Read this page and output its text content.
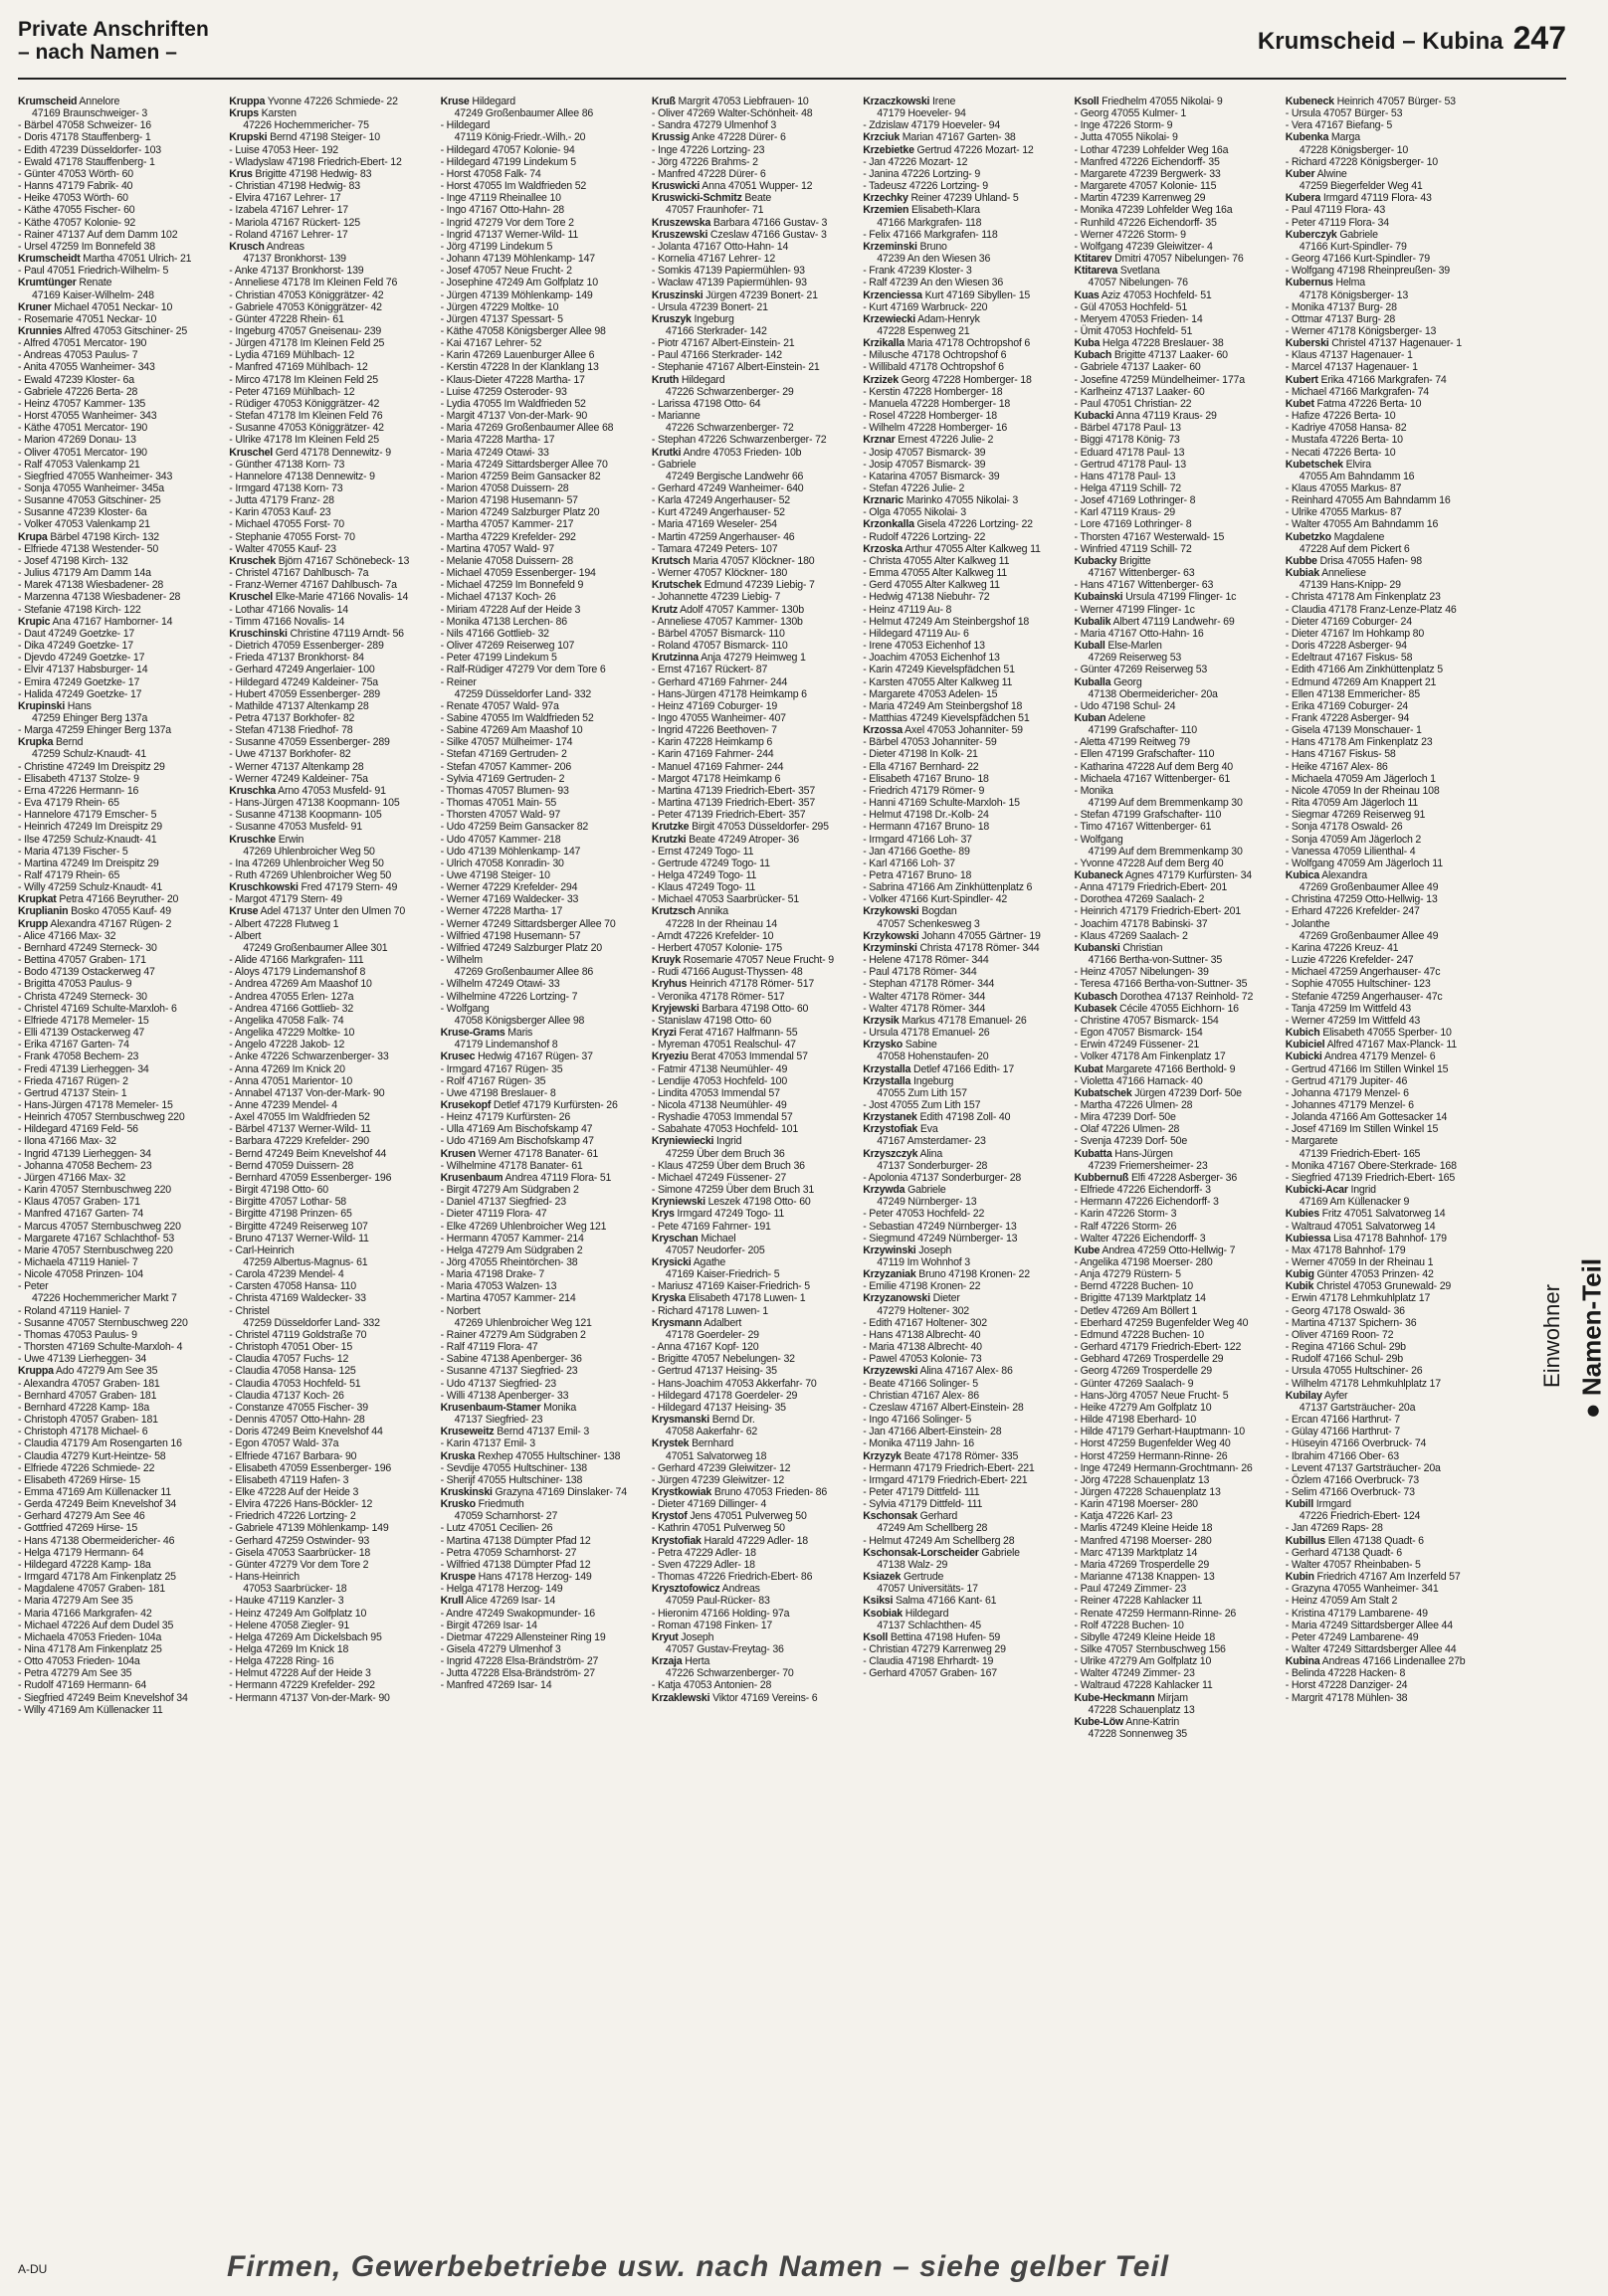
Private Anschriften
– nach Namen –	Krumscheid – Kubina 247
Krumscheid Annelore
47169 Braunschweiger- 3
- Bärbel 47058 Schweizer- 16
- Doris 47178 Stauffenberg- 1
- Edith 47239 Düsseldorfer- 103
- Ewald 47178 Stauffenberg- 1
- Günter 47053 Wörth- 60
- Hanns 47179 Fabrik- 40
- Heike 47053 Wörth- 60
- Käthe 47055 Fischer- 60
- Käthe 47057 Koloniе- 92
- Rainer 47137 Auf dem Damm 102
- Ursel 47259 Im Bonnefeld 38
Krumscheidt Martha 47051 Ulrich- 21
- Paul 47051 Friedrich-Wilhelm- 5
Krumtünger Renate
47169 Kaiser-Wilhelm- 248
Kruner Michael 47051 Neckar- 10
- Rosemarie 47051 Neckar- 10
Krunnies Alfred 47053 Gitschiner- 25
- Alfred 47051 Mercator- 190
- Andreas 47053 Paulus- 7
- Anita 47055 Wanheimer- 343
- Ewald 47239 Kloster- 6a
- Gabriele 47226 Berta- 28
- Heinz 47057 Kammer- 135
- Horst 47055 Wanheimer- 343
- Käthe 47051 Mercator- 190
- Marion 47269 Donau- 13
- Oliver 47051 Mercator- 190
- Ralf 47053 Valenkamp 21
- Siegfried 47055 Wanheimer- 343
- Sonja 47055 Wanheimer- 345a
- Susanne 47053 Gitschiner- 25
- Susanne 47239 Kloster- 6a
- Volker 47053 Valenkamp 21
Krupa Bärbel 47198 Kirch- 132
- Elfriede 47138 Westender- 50
- Josef 47198 Kirch- 132
- Julius 47179 Am Damm 14a
- Marek 47138 Wiesbadener- 28
- Marzenna 47138 Wiesbadener- 28
- Stefanie 47198 Kirch- 122
Krupic Ana 47167 Hamborner- 14
- Daut 47249 Goetzke- 17
- Dika 47249 Goetzke- 17
- Djevdo 47249 Goetzke- 17
- Elvir 47137 Habsburger- 14
- Emira 47249 Goetzke- 17
- Halida 47249 Goetzke- 17
Krupinski Hans
47259 Ehinger Berg 137a
- Marga 47259 Ehinger Berg 137a
Krupka Bernd
47259 Schulz-Knaudt- 41
- Christine 47249 Im Dreispitz 29
- Elisabeth 47137 Stolze- 9
- Erna 47226 Hermann- 16
- Eva 47179 Rhein- 65
- Hannelore 47179 Emscher- 5
- Heinrich 47249 Im Dreispitz 29
- Ilse 47259 Schulz-Knaudt- 41
- Maria 47139 Fischer- 5
- Martina 47249 Im Dreispitz 29
- Ralf 47179 Rhein- 65
- Willy 47259 Schulz-Knaudt- 41
Krupkat Petra 47166 Beyruther- 20
Kruplianin Bosko 47055 Kauf- 49
Krupp Alexandra 47167 Rügen- 2
- Alice 47166 Max- 32
- Bernhard 47249 Sterneck- 30
- Bettina 47057 Graben- 171
- Bodo 47139 Ostackerweg 47
- Brigitta 47053 Paulus- 9
- Christa 47249 Sterneck- 30
- Christel 47169 Schulte-Marxloh- 6
- Elfriede 47178 Memeler- 15
- Elli 47139 Ostackerweg 47
- Erika 47167 Garten- 74
- Frank 47058 Bechem- 23
- Fredi 47139 Lierheggen- 34
- Frieda 47167 Rügen- 2
- Gertrud 47137 Stein- 1
- Hans-Jürgen 47178 Memeler- 15
- Heinrich 47057 Sternbuschweg 220
- Hildegard 47169 Feld- 56
- Ilona 47166 Max- 32
- Ingrid 47139 Lierheggen- 34
- Johanna 47058 Bechem- 23
- Jürgen 47166 Max- 32
- Karin 47057 Sternbuschweg 220
- Klaus 47057 Graben- 171
- Manfred 47167 Garten- 74
- Marcus 47057 Sternbuschweg 220
- Margarete 47167 Schlachthof- 53
- Marie 47057 Sternbuschweg 220
- Michaela 47119 Haniel- 7
- Nicole 47058 Prinzen- 104
- Peter
47226 Hochemmericher Markt 7
- Roland 47119 Haniel- 7
- Susanne 47057 Sternbuschweg 220
- Thomas 47053 Paulus- 9
- Thorsten 47169 Schulte-Marxloh- 4
- Uwe 47139 Lierheggen- 34
Kruppa Ado 47279 Am See 35
- Alexandra 47057 Graben- 181
- Bernhard 47057 Graben- 181
- Bernhard 47228 Kamp- 18a
- Christoph 47057 Graben- 181
- Christoph 47178 Michael- 6
- Claudia 47179 Am Rosengarten 16
- Claudia 47279 Kurt-Heintze- 58
- Elfriede 47226 Schmiede- 22
- Elisabeth 47269 Hirse- 15
- Emma 47169 Am Küllenacker 11
- Gerda 47249 Beim Knevelshof 34
- Gerhard 47279 Am See 46
- Gottfried 47269 Hirse- 15
- Hans 47138 Obermeidericher- 46
- Helga 47179 Hermann- 64
- Hildegard 47228 Kamp- 18a
- Irmgard 47178 Am Finkenplatz 25
- Magdalene 47057 Graben- 181
- Maria 47279 Am See 35
- Maria 47166 Markgrafen- 42
- Michael 47226 Auf dem Dudel 35
- Michaela 47053 Frieden- 104a
- Nina 47178 Am Finkenplatz 25
- Otto 47053 Frieden- 104a
- Petra 47279 Am See 35
- Rudolf 47169 Hermann- 64
- Siegfried 47249 Beim Knevelshof 34
- Willy 47169 Am Küllenacker 11
Kruppa Yvonne 47226 Schmiede- 22
Krups Karsten
47226 Hochemmericher- 75
Krupski Bernd 47198 Steiger- 10
- Luise 47053 Heer- 192
- Wladyslaw 47198 Friedrich-Ebert- 12
Krus Brigitte 47198 Hedwig- 83
- Christian 47198 Hedwig- 83
- Elvira 47167 Lehrer- 17
- Izabela 47167 Lehrer- 17
- Mariola 47167 Rückert- 125
- Roland 47167 Lehrer- 17
Krusch Andreas
47137 Bronkhorst- 139
- Anke 47137 Bronkhorst- 139
- Anneliese 47178 Im Kleinen Feld 76
- Christian 47053 Königgrätzer- 42
- Gabriele 47053 Königgrätzer- 42
- Günter 47228 Rhein- 61
- Ingeburg 47057 Gneisenau- 239
- Jürgen 47178 Im Kleinen Feld 25
- Lydia 47169 Mühlbach- 12
- Manfred 47169 Mühlbach- 12
- Mirco 47178 Im Kleinen Feld 25
- Peter 47169 Mühlbach- 12
- Rüdiger 47053 Königgrätzer- 42
- Stefan 47178 Im Kleinen Feld 76
- Susanne 47053 Königgrätzer- 42
- Ulrike 47178 Im Kleinen Feld 25
Kruschel Gerd 47178 Dennewitz- 9
- Günther 47138 Korn- 73
- Hannelore 47138 Dennewitz- 9
- Irmgard 47138 Korn- 73
- Jutta 47179 Franz- 28
- Karin 47053 Kauf- 23
- Michael 47055 Forst- 70
- Stephanie 47055 Forst- 70
- Walter 47055 Kauf- 23
Kruschek Björn 47167 Schönebeck- 13
- Christel 47167 Dahlbusch- 7a
- Franz-Werner 47167 Dahlbusch- 7a
Kruschel Elke-Marie 47166 Novalis- 14
- Lothar 47166 Novalis- 14
- Timm 47166 Novalis- 14
Kruschinski Christine 47119 Arndt- 56
- Dietrich 47059 Essenberger- 289
- Frieda 47137 Bronkhorst- 84
- Gerhard 47249 Angerlaier- 100
- Hildegard 47249 Kaldeiner- 75a
- Hubert 47059 Essenberger- 289
- Mathilde 47137 Altenkamp 28
- Petra 47137 Borkhofer- 82
- Stefan 47138 Friedhof- 78
- Susanne 47059 Essenberger- 289
- Uwe 47137 Borkhofer- 82
- Werner 47137 Altenkamp 28
- Werner 47249 Kaldeiner- 75a
Kruschka Arno 47053 Musfeld- 91
- Hans-Jürgen 47138 Koopmann- 105
- Susanne 47138 Koopmann- 105
- Susanne 47053 Musfeld- 91
Kruschke Erwin
47269 Uhlenbroicher Weg 50
- Ina 47269 Uhlenbroicher Weg 50
- Ruth 47269 Uhlenbroicher Weg 50
Kruschkowski Fred 47179 Stern- 49
- Margot 47179 Stern- 49
Kruse Adel 47137 Unter den Ulmen 70
- Albert 47228 Flutweg 1
- Albert
47249 Großenbaumer Allee 301
- Alide 47166 Markgrafen- 111
- Aloys 47179 Lindemanshof 8
- Andrea 47269 Am Maashof 10
- Andrea 47055 Erlen- 127a
- Andrea 47166 Gottlieb- 32
- Angelika 47058 Falk- 74
- Angelika 47229 Moltke- 10
- Angelo 47228 Jakob- 12
- Anke 47226 Schwarzenberger- 33
- Anna 47269 Im Knick 20
- Anna 47051 Marientor- 10
- Annabel 47137 Von-der-Mark- 90
- Anne 47239 Mendel- 4
- Axel 47055 Im Waldfrieden 52
- Bärbel 47137 Werner-Wild- 11
- Barbara 47229 Krefelder- 290
- Bernd 47249 Beim Knevelshof 44
- Bernd 47059 Duissern- 28
- Bernhard 47059 Essenberger- 196
- Birgit 47198 Otto- 60
- Birgitte 47057 Lothar- 58
- Birgitte 47198 Prinzen- 65
- Birgitte 47249 Reiserweg 107
- Bruno 47137 Werner-Wild- 11
- Carl-Heinrich
47259 Albertus-Magnus- 61
- Carola 47239 Mendel- 4
- Carsten 47058 Hansa- 110
- Christa 47169 Waldecker- 33
- Christel
47259 Düsseldorfer Land- 332
- Christel 47119 Goldstraße 70
- Christoph 47051 Ober- 15
- Claudia 47057 Fuchs- 12
- Claudia 47058 Hansa- 125
- Claudia 47053 Hochfeld- 51
- Claudia 47137 Koch- 26
- Constanze 47055 Fischer- 39
- Dennis 47057 Otto-Hahn- 28
- Doris 47249 Beim Knevelshof 44
- Egon 47057 Wald- 37a
- Elfriede 47167 Barbara- 90
- Elisabeth 47059 Essenberger- 196
- Elisabeth 47119 Hafen- 3
- Elke 47228 Auf der Heide 3
- Elvira 47226 Hans-Böckler- 12
- Friedrich 47226 Lortzing- 2
- Gabriele 47139 Möhlenkamp- 149
- Gerhard 47259 Ostwinder- 93
- Gisela 47053 Saarbrücker- 18
- Günter 47279 Vor dem Tore 2
- Hans-Heinrich
47053 Saarbrücker- 18
- Hauke 47119 Kanzler- 3
- Heinz 47249 Am Golfplatz 10
- Helene 47058 Ziegler- 91
- Helga 47269 Am Dickelsbach 95
- Helga 47269 Im Knick 18
- Helga 47228 Ring- 16
- Helmut 47228 Auf der Heide 3
- Hermann 47229 Krefelder- 292
- Hermann 47137 Von-der-Mark- 90
Kruse Hildegard
47249 Großenbaumer Allee 86
- Hildegard
47119 König-Friedr.-Wilh.- 20
- Hildegard 47057 Koloniе- 94
- Hildegard 47199 Lindekum 5
- Horst 47058 Falk- 74
- Horst 47055 Im Waldfrieden 52
- Inge 47119 Rheinallee 10
- Ingo 47167 Otto-Hahn- 28
- Ingrid 47279 Vor dem Tore 2
- Ingrid 47137 Werner-Wild- 11
- Jörg 47199 Lindekum 5
- Johann 47139 Möhlenkamp- 147
- Josef 47057 Neue Frucht- 2
- Josephine 47249 Am Golfplatz 10
- Jürgen 47139 Möhlenkamp- 149
- Jürgen 47229 Moltke- 10
- Jürgen 47137 Spessart- 5
- Käthe 47058 Königsberger Allee 98
- Kai 47167 Lehrer- 52
- Karin 47269 Lauenburger Allee 6
- Kerstin 47228 In der Klanklang 13
- Klaus-Dieter 47228 Martha- 17
- Luise 47259 Osteroder- 93
- Lydia 47055 Im Waldfrieden 52
- Margit 47137 Von-der-Mark- 90
- Maria 47269 Großenbaumer Allee 68
- Maria 47228 Martha- 17
- Maria 47249 Otawi- 33
- Maria 47249 Sittardsberger Allee 70
- Marion 47259 Beim Gansacker 82
- Marion 47058 Duissern- 28
- Marion 47198 Husemann- 57
- Marion 47249 Salzburger Platz 20
- Martha 47057 Kammer- 217
- Martha 47229 Krefelder- 292
- Martina 47057 Wald- 97
- Melanie 47058 Duissern- 28
- Michael 47059 Essenberger- 194
- Michael 47259 Im Bonnefeld 9
- Michael 47137 Koch- 26
- Miriam 47228 Auf der Heide 3
- Monika 47138 Lerchen- 86
- Nils 47166 Gottlieb- 32
- Oliver 47269 Reiserweg 107
- Peter 47199 Lindekum 5
- Ralf-Rüdiger 47279 Vor dem Tore 6
- Reiner
47259 Düsseldorfer Land- 332
- Renate 47057 Wald- 97a
- Sabine 47055 Im Waldfrieden 52
- Sabine 47269 Am Maashof 10
- Silke 47057 Mülheimer- 174
- Stefan 47169 Gertruden- 2
- Stefan 47057 Kammer- 206
- Sylvia 47169 Gertruden- 2
- Thomas 47057 Blumen- 93
- Thomas 47051 Main- 55
- Thorsten 47057 Wald- 97
- Udo 47259 Beim Gansacker 82
- Udo 47057 Kammer- 218
- Udo 47139 Möhlenkamp- 147
- Ulrich 47058 Konradin- 30
- Uwe 47198 Steiger- 10
- Werner 47229 Krefelder- 294
- Werner 47169 Waldecker- 33
- Werner 47228 Martha- 17
- Werner 47249 Sittardsberger Allee 70
- Wilfried 47198 Husemann- 57
- Wilfried 47249 Salzburger Platz 20
- Wilhelm
47269 Großenbaumer Allee 86
- Wilhelm 47249 Otawi- 33
- Wilhelmine 47226 Lortzing- 7
- Wolfgang
47058 Königsberger Allee 98
Kruse-Grams Maris
47179 Lindemanshof 8
Krusec Hedwig 47167 Rügen- 37
- Irmgard 47167 Rügen- 35
- Rolf 47167 Rügen- 35
- Uwe 47198 Breslauer- 8
Krusekopf Detlef 47179 Kurfürsten- 26
- Heinz 47179 Kurfürsten- 26
- Ulla 47169 Am Bischofskamp 47
- Udo 47169 Am Bischofskamp 47
Krusen Werner 47178 Banater- 61
- Wilhelmine 47178 Banater- 61
Krusenbaum Andrea 47119 Flora- 51
- Birgit 47279 Am Südgraben 2
- Daniel 47137 Siegfried- 23
- Dieter 47119 Flora- 47
- Elke 47269 Uhlenbroicher Weg 121
- Hermann 47057 Kammer- 214
- Helga 47279 Am Südgraben 2
- Jörg 47055 Rheintörchen- 38
- Maria 47198 Drake- 7
- Maria 47053 Walzen- 13
- Martina 47057 Kammer- 214
- Norbert
47269 Uhlenbroicher Weg 121
- Rainer 47279 Am Südgraben 2
- Ralf 47119 Flora- 47
- Sabine 47138 Apenberger- 36
- Susanne 47137 Siegfried- 23
- Udo 47137 Siegfried- 23
- Willi 47138 Apenberger- 33
Krusenbaum-Stamer Monika
47137 Siegfried- 23
Kruseweitz Bernd 47137 Emil- 3
- Karin 47137 Emil- 3
Kruska Rexhep 47055 Hultschiner- 138
- Sevdije 47055 Hultschiner- 138
- Sherijf 47055 Hultschiner- 138
Kruskinski Grazyna 47169 Dinslaker- 74
Krusko Friedmuth
47059 Scharnhorst- 27
- Lutz 47051 Cecilien- 26
- Martina 47138 Dümpter Pfad 12
- Petra 47059 Scharnhorst- 27
- Wilfried 47138 Dümpter Pfad 12
Kruspe Hans 47178 Herzog- 149
- Helga 47178 Herzog- 149
Krull Alice 47269 Isar- 14
- Andre 47249 Swakopmunder- 16
- Birgit 47269 Isar- 14
- Dietmar 47229 Allensteiner Ring 19
- Gisela 47279 Ulmenhof 3
- Ingrid 47228 Elsa-Brändström- 27
- Jutta 47228 Elsa-Brändström- 27
- Manfred 47269 Isar- 14
Kruß Margrit 47053 Liebfrauen- 10
- Oliver 47269 Walter-Schönheit- 48
- Sandra 47279 Ulmenhof 3
Krussig Anke 47228 Dürer- 6
- Inge 47226 Lortzing- 23
- Jörg 47226 Brahms- 2
- Manfred 47228 Dürer- 6
Kruswicki Anna 47051 Wupper- 12
Kruswicki-Schmitz Beate
47057 Fraunhofer- 71
Kruszewska Barbara 47166 Gustav- 3
Kruszewski Czeslaw 47166 Gustav- 3
- Jolanta 47167 Otto-Hahn- 14
- Kornelia 47167 Lehrer- 12
- Somkis 47139 Papiermühlen- 93
- Wacław 47139 Papiermühlen- 93
Kruszinski Jürgen 47239 Bonert- 21
- Ursula 47239 Bonert- 21
Kruszyk Ingeburg
47166 Sterkrader- 142
- Piotr 47167 Albert-Einstein- 21
- Paul 47166 Sterkrader- 142
- Stephanie 47167 Albert-Einstein- 21
Kruth Hildegard
47226 Schwarzenberger- 29
- Larissa 47198 Otto- 64
- Marianne
47226 Schwarzenberger- 72
- Stephan 47226 Schwarzenberger- 72
Krutki Andre 47053 Frieden- 10b
- Gabriele
47249 Bergische Landwehr 66
- Gerhard 47249 Wanheimer- 640
- Karla 47249 Angerhauser- 52
- Kurt 47249 Angerhauser- 52
- Maria 47169 Weseler- 254
- Martin 47259 Angerhauser- 46
- Tamara 47249 Peters- 107
Krutsch Maria 47057 Klöckner- 180
- Werner 47057 Klöckner- 180
Krutschek Edmund 47239 Liebig- 7
- Johannette 47239 Liebig- 7
Krutz Adolf 47057 Kammer- 130b
- Anneliese 47057 Kammer- 130b
- Bärbel 47057 Bismarck- 110
- Roland 47057 Bismarck- 110
Krutzinna Anja 47279 Heimweg 1
- Ernst 47167 Rückert- 87
- Gerhard 47169 Fahrner- 244
- Hans-Jürgen 47178 Heimkamp 6
- Heinz 47169 Coburger- 19
- Ingo 47055 Wanheimer- 407
- Ingrid 47226 Beethoven- 7
- Karin 47228 Heimkamp 6
- Karin 47169 Fahrner- 244
- Manuel 47169 Fahrner- 244
- Margot 47178 Heimkamp 6
- Martina 47139 Friedrich-Ebert- 357
- Martina 47139 Friedrich-Ebert- 357
- Peter 47139 Friedrich-Ebert- 357
Krutzke Birgit 47053 Düsseldorfer- 295
Krutzki Beate 47249 Atroper- 36
- Ernst 47249 Togo- 11
- Gertrude 47249 Togo- 11
- Helga 47249 Togo- 11
- Klaus 47249 Togo- 11
- Michael 47053 Saarbrücker- 51
Krutzsch Annika
47228 In der Rheinau 14
- Arndt 47226 Krefelder- 10
- Herbert 47057 Koloniе- 175
Kruyk Rosemarie 47057 Neue Frucht- 9
- Rudi 47166 August-Thyssen- 48
Kryhus Heinrich 47178 Römer- 517
- Veronika 47178 Römer- 517
Kryjewski Barbara 47198 Otto- 60
- Stanislaw 47198 Otto- 60
Kryzi Ferat 47167 Halfmann- 55
- Myreman 47051 Realschul- 47
Kryeziu Berat 47053 Immendal 57
- Fatmir 47138 Neumühler- 49
- Lendije 47053 Hochfeld- 100
- Lindita 47053 Immendal 57
- Nicola 47138 Neumühler- 49
- Ryshadie 47053 Immendal 57
- Sabahate 47053 Hochfeld- 101
Kryniewiecki Ingrid
47259 Über dem Bruch 36
- Klaus 47259 Über dem Bruch 36
- Michael 47249 Füssener- 27
- Simone 47259 Über dem Bruch 31
Kryniewski Leszek 47198 Otto- 60
Krys Irmgard 47249 Togo- 11
- Pete 47169 Fahrner- 191
Kryschan Michael
47057 Neudorfer- 205
Krysicki Agathe
47169 Kaiser-Friedrich- 5
- Mariusz 47169 Kaiser-Friedrich- 5
Kryska Elisabeth 47178 Luwen- 1
- Richard 47178 Luwen- 1
Krysmann Adalbert
47178 Goerdeler- 29
- Anna 47167 Kopf- 120
- Brigitte 47057 Nebelungen- 32
- Gertrud 47137 Heising- 35
- Hans-Joachim 47053 Akkerfahr- 70
- Hildegard 47178 Goerdeler- 29
- Hildegard 47137 Heising- 35
Krysmanski Bernd Dr.
47058 Aakerfahr- 62
Krystek Bernhard
47051 Salvatorweg 18
- Gerhard 47239 Gleiwitzer- 12
- Jürgen 47239 Gleiwitzer- 12
Krystkowiak Bruno 47053 Frieden- 86
- Dieter 47169 Dillinger- 4
Krystof Jens 47051 Pulverweg 50
- Kathrin 47051 Pulverweg 50
Krystofiak Harald 47229 Adler- 18
- Petra 47229 Adler- 18
- Sven 47229 Adler- 18
- Thomas 47226 Friedrich-Ebert- 86
Krysztofowicz Andreas
47059 Paul-Rücker- 83
- Hieronim 47166 Holding- 97a
- Roman 47198 Finken- 17
Kryut Joseph
47057 Gustav-Freytag- 36
Krzaja Herta
47226 Schwarzenberger- 70
- Katja 47053 Antonien- 28
Krzaklewski Viktor 47169 Vereins- 6
Krzaczkowski Irene
47179 Hoeveler- 94
- Zdzislaw 47179 Hoeveler- 94
Krzciuk Marian 47167 Garten- 38
Krzebietke Gertrud 47226 Mozart- 12
- Jan 47226 Mozart- 12
- Janina 47226 Lortzing- 9
- Tadeusz 47226 Lortzing- 9
Krzechky Reiner 47239 Uhland- 5
Krzemien Elisabeth-Klara
47166 Markgrafen- 118
- Felix 47166 Markgrafen- 118
Krzeminski Bruno
47239 An den Wiesen 36
- Frank 47239 Kloster- 3
- Ralf 47239 An den Wiesen 36
Krzenciessa Kurt 47169 Sibyllen- 15
- Kurt 47169 Warbruck- 220
Krzewiecki Adam-Henryk
47228 Espenweg 21
Krzikalla Maria 47178 Ochtropshof 6
- Milusche 47178 Ochtropshof 6
- Willibald 47178 Ochtropshof 6
Krzizek Georg 47228 Homberger- 18
- Kerstin 47228 Homberger- 18
- Manuela 47228 Homberger- 18
- Rosel 47228 Homberger- 18
- Wilhelm 47228 Homberger- 16
Krznar Ernest 47226 Julie- 2
- Josip 47057 Bismarck- 39
- Josip 47057 Bismarck- 39
- Katarina 47057 Bismarck- 39
- Stefan 47226 Julie- 2
Krznaric Marinko 47055 Nikolai- 3
- Olga 47055 Nikolai- 3
Krzonkalla Gisela 47226 Lortzing- 22
- Rudolf 47226 Lortzing- 22
Krzoska Arthur 47055 Alter Kalkweg 11
- Christa 47055 Alter Kalkweg 11
- Emma 47055 Alter Kalkweg 11
- Gerd 47055 Alter Kalkweg 11
- Hedwig 47138 Niebuhr- 72
- Heinz 47119 Au- 8
- Helmut 47249 Am Steinbergshof 18
- Hildegard 47119 Au- 6
- Irene 47053 Eichenhof 13
- Joachim 47053 Eichenhof 13
- Karin 47249 Kievelspfädchen 51
- Karsten 47055 Alter Kalkweg 11
- Margarete 47053 Adelen- 15
- Maria 47249 Am Steinbergshof 18
- Matthias 47249 Kievelspfädchen 51
Krzossa Axel 47053 Johanniter- 59
- Bärbel 47053 Johanniter- 59
- Dieter 47198 In Kolk- 21
- Ella 47167 Bernhard- 22
- Elisabeth 47167 Bruno- 18
- Friedrich 47179 Römer- 9
- Hanni 47169 Schulte-Marxloh- 15
- Helmut 47198 Dr.-Kolb- 24
- Hermann 47167 Bruno- 18
- Irmgard 47166 Loh- 37
- Jan 47166 Goethe- 89
- Karl 47166 Loh- 37
- Petra 47167 Bruno- 18
- Sabrina 47166 Am Zinkhüttenplatz 6
- Volker 47166 Kurt-Spindler- 42
Krzykowski Bogdan
47057 Schenkesweg 3
Krzykowski Johann 47055 Gärtner- 19
Krzyminski Christa 47178 Römer- 344
- Helene 47178 Römer- 344
- Paul 47178 Römer- 344
- Stephan 47178 Römer- 344
- Walter 47178 Römer- 344
- Walter 47178 Römer- 344
Krzysik Markus 47178 Emanuel- 26
- Ursula 47178 Emanuel- 26
Krzysko Sabine
47058 Hohenstaufen- 20
Krzystalla Detlef 47166 Edith- 17
Krzystalla Ingeburg
47055 Zum Lith 157
- Jost 47055 Zum Lith 157
Krzystanek Edith 47198 Zoll- 40
Krzystofiak Eva
47167 Amsterdamer- 23
Krzyszczyk Alina
47137 Sonderburger- 28
- Apolonia 47137 Sonderburger- 28
Krzywda Gabriele
47249 Nürnberger- 13
- Peter 47053 Hochfeld- 22
- Sebastian 47249 Nürnberger- 13
- Siegmund 47249 Nürnberger- 13
Krzywinski Joseph
47119 Im Wohnhof 3
Krzyzaniak Bruno 47198 Kronen- 22
- Emilie 47198 Kronen- 22
Krzyzanowski Dieter
47279 Holtener- 302
- Edith 47167 Holtener- 302
- Hans 47138 Albrecht- 40
- Maria 47138 Albrecht- 40
- Pawel 47053 Kolonie- 73
Krzyzewski Alina 47167 Alex- 86
- Beate 47166 Solinger- 5
- Christian 47167 Alex- 86
- Czeslaw 47167 Albert-Einstein- 28
- Ingo 47166 Solinger- 5
- Jan 47166 Albert-Einstein- 28
- Monika 47119 Jahn- 16
Krzyzyk Beate 47178 Römer- 335
- Hermann 47179 Friedrich-Ebert- 221
- Irmgard 47179 Friedrich-Ebert- 221
- Peter 47179 Dittfeld- 111
- Sylvia 47179 Dittfeld- 111
Kschonsak Gerhard
47249 Am Schellberg 28
- Helmut 47249 Am Schellberg 28
Kschonsak-Lorscheider Gabriele
47138 Walz- 29
Ksiazek Gertrude
47057 Universitäts- 17
Ksiksi Salma 47166 Kant- 61
Ksobiak Hildegard
47137 Schlachthen- 45
Ksoll Bettina 47198 Hufen- 59
- Christian 47279 Karrenweg 29
- Claudia 47198 Ehrhardt- 19
- Gerhard 47057 Graben- 167
Ksoll Friedhelm 47055 Nikolai- 9
- Georg 47055 Kulmer- 1
- Inge 47226 Storm- 9
- Jutta 47055 Nikolai- 9
- Lothar 47239 Lohfelder Weg 16a
- Manfred 47226 Eichendorff- 35
- Margarete 47239 Bergwerk- 33
- Margarete 47057 Kolonie- 115
- Martin 47239 Karrenweg 29
- Monika 47239 Lohfelder Weg 16a
- Runhild 47226 Eichendorff- 35
- Werner 47226 Storm- 9
- Wolfgang 47239 Gleiwitzer- 4
Ktitarev Dmitri 47057 Nibelungen- 76
Ktitareva Svetlana
47057 Nibelungen- 76
Kuas Aziz 47053 Hochfeld- 51
- Gül 47053 Hochfeld- 51
- Meryem 47053 Frieden- 14
- Ümit 47053 Hochfeld- 51
Kuba Helga 47228 Breslauer- 38
Kubach Brigitte 47137 Laaker- 60
- Gabriele 47137 Laaker- 60
- Josefine 47259 Mündelheimer- 177a
- Karlheinz 47137 Laaker- 60
- Paul 47051 Christian- 22
Kubacki Anna 47119 Kraus- 29
- Bärbel 47178 Paul- 13
- Biggi 47178 König- 73
- Eduard 47178 Paul- 13
- Gertrud 47178 Paul- 13
- Hans 47178 Paul- 13
- Helga 47119 Schill- 72
- Josef 47169 Lothringer- 8
- Karl 47119 Kraus- 29
- Lore 47169 Lothringer- 8
- Thorsten 47167 Westerwald- 15
- Winfried 47119 Schill- 72
Kubacky Brigitte
47167 Wittenberger- 63
- Hans 47167 Wittenberger- 63
Kubainski Ursula 47199 Flinger- 1c
- Werner 47199 Flinger- 1c
Kubalik Albert 47119 Landwehr- 69
- Maria 47167 Otto-Hahn- 16
Kuball Else-Marlen
47269 Reiserweg 53
- Günter 47269 Reiserweg 53
Kuballa Georg
47138 Obermeidericher- 20a
- Udo 47198 Schul- 24
Kuban Adelene
47199 Grafschafter- 110
- Aletta 47199 Reitweg 79
- Ellen 47199 Grafschafter- 110
- Katharina 47228 Auf dem Berg 40
- Michaela 47167 Wittenberger- 61
- Monika
47199 Auf dem Bremmenkamp 30
- Stefan 47199 Grafschafter- 110
- Timo 47167 Wittenberger- 61
- Wolfgang
47199 Auf dem Bremmenkamp 30
- Yvonne 47228 Auf dem Berg 40
Kubaneck Agnes 47179 Kurfürsten- 34
- Anna 47179 Friedrich-Ebert- 201
- Dorothea 47269 Saalach- 2
- Heinrich 47179 Friedrich-Ebert- 201
- Joachim 47178 Babinski- 37
- Klaus 47269 Saalach- 2
Kubanski Christian
47166 Bertha-von-Suttner- 35
- Heinz 47057 Nibelungen- 39
- Teresa 47166 Bertha-von-Suttner- 35
Kubasch Dorothea 47137 Reinhold- 72
Kubasek Cécile 47055 Eichhorn- 16
- Christine 47057 Bismarck- 154
- Egon 47057 Bismarck- 154
- Erwin 47249 Füssener- 21
- Volker 47178 Am Finkenplatz 17
Kubat Margarete 47166 Berthold- 9
- Violetta 47166 Harnack- 40
Kubatschek Jürgen 47239 Dorf- 50e
- Martha 47226 Ulmen- 28
- Mira 47239 Dorf- 50e
- Olaf 47226 Ulmen- 28
- Svenja 47239 Dorf- 50e
Kubatta Hans-Jürgen
47239 Friemersheimer- 23
Kubbernuß Elfi 47228 Asberger- 36
- Elfriede 47226 Eichendorff- 3
- Hermann 47226 Eichendorff- 3
- Karin 47226 Storm- 3
- Ralf 47226 Storm- 26
- Walter 47226 Eichendorff- 3
Kube Andrea 47259 Otto-Hellwig- 7
- Angelika 47198 Moerser- 280
- Anja 47279 Rüstern- 5
- Bernd 47228 Buchen- 10
- Brigitte 47139 Marktplatz 14
- Detlev 47269 Am Böllert 1
- Eberhard 47259 Bugenfelder Weg 40
- Edmund 47228 Buchen- 10
- Gerhard 47179 Friedrich-Ebert- 122
- Gebhard 47269 Trosperdelle 29
- Georg 47269 Trosperdelle 29
- Günter 47269 Saalach- 9
- Hans-Jörg 47057 Neue Frucht- 5
- Heike 47279 Am Golfplatz 10
- Hilde 47198 Eberhard- 10
- Hilde 47179 Gerhart-Hauptmann- 10
- Horst 47259 Bugenfelder Weg 40
- Horst 47259 Hermann-Rinne- 26
- Inge 47249 Hermann-Grochtmann- 26
- Jörg 47228 Schauenplatz 13
- Jürgen 47228 Schauenplatz 13
- Karin 47198 Moerser- 280
- Katja 47226 Karl- 23
- Marlis 47249 Kleine Heide 18
- Manfred 47198 Moerser- 280
- Marc 47139 Marktplatz 14
- Maria 47269 Trosperdelle 29
- Marianne 47138 Knappen- 13
- Paul 47249 Zimmer- 23
- Reiner 47228 Kahlacker 11
- Renate 47259 Hermann-Rinne- 26
- Rolf 47228 Buchen- 10
- Sibylle 47249 Kleine Heide 18
- Silke 47057 Sternbuschweg 156
- Ulrike 47279 Am Golfplatz 10
- Walter 47249 Zimmer- 23
- Waltraud 47228 Kahlacker 11
Kube-Heckmann Mirjam
47228 Schauenplatz 13
Kube-Löw Anne-Katrin
47228 Sonnenweg 35
Kubeneck Heinrich 47057 Bürger- 53
- Ursula 47057 Bürger- 53
- Vera 47167 Biefang- 5
Kubenka Marga
47228 Königsberger- 10
- Richard 47228 Königsberger- 10
Kuber Alwine
47259 Biegerfelder Weg 41
Kubera Irmgard 47119 Flora- 43
- Paul 47119 Flora- 43
- Peter 47119 Flora- 34
Kuberczyk Gabriele
47166 Kurt-Spindler- 79
- Georg 47166 Kurt-Spindler- 79
- Wolfgang 47198 Rheinpreußen- 39
Kubernus Helma
47178 Königsberger- 13
- Monika 47137 Burg- 28
- Ottmar 47137 Burg- 28
- Werner 47178 Königsberger- 13
Kuberski Christel 47137 Hagenauer- 1
- Klaus 47137 Hagenauer- 1
- Marcel 47137 Hagenauer- 1
Kubert Erika 47166 Markgrafen- 74
- Michael 47166 Markgrafen- 74
Kubet Fatma 47226 Berta- 10
- Hafize 47226 Berta- 10
- Kadriye 47058 Hansa- 82
- Mustafa 47226 Berta- 10
- Necati 47226 Berta- 10
Kubetschek Elvira
47055 Am Bahndamm 16
- Klaus 47055 Markus- 87
- Reinhard 47055 Am Bahndamm 16
- Ulrike 47055 Markus- 87
- Walter 47055 Am Bahndamm 16
Kubetzko Magdalene
47228 Auf dem Pickert 6
Kubbe Drisa 47055 Hafen- 98
Kubiak Anneliese
47139 Hans-Knipp- 29
- Christa 47178 Am Finkenplatz 23
- Claudia 47178 Franz-Lenze-Platz 46
- Dieter 47169 Coburger- 24
- Dieter 47167 Im Hohkamp 80
- Doris 47228 Asberger- 94
- Edeltraut 47167 Fiskus- 58
- Edith 47166 Am Zinkhüttenplatz 5
- Edmund 47269 Am Knappert 21
- Ellen 47138 Emmericher- 85
- Erika 47169 Coburger- 24
- Frank 47228 Asberger- 94
- Gisela 47139 Monschauer- 1
- Hans 47178 Am Finkenplatz 23
- Hans 47167 Fiskus- 58
- Heike 47167 Alex- 86
- Michaela 47059 Am Jägerloch 1
- Nicole 47059 In der Rheinau 108
- Rita 47059 Am Jägerloch 11
- Siegmar 47269 Reiserweg 91
- Sonja 47178 Oswald- 26
- Sonja 47059 Am Jägerloch 2
- Vanessa 47059 Lilienthal- 4
- Wolfgang 47059 Am Jägerloch 11
Kubica Alexandra
47269 Großenbaumer Allee 49
- Christina 47259 Otto-Hellwig- 13
- Erhard 47226 Krefelder- 247
- Jolanthe
47269 Großenbaumer Allee 49
- Karina 47226 Kreuz- 41
- Luzie 47226 Krefelder- 247
- Michael 47259 Angerhauser- 47c
- Sophie 47055 Hultschiner- 123
- Stefanie 47259 Angerhauser- 47c
- Tanja 47259 Im Wittfeld 43
- Werner 47259 Im Wittfeld 43
Kubich Elisabeth 47055 Sperber- 10
Kubiciel Alfred 47167 Max-Planck- 11
Kubicki Andrea 47179 Menzel- 6
- Gertrud 47166 Im Stillen Winkel 15
- Gertrud 47179 Jupiter- 46
- Johanna 47179 Menzel- 6
- Johannes 47179 Menzel- 6
- Jolanda 47166 Am Gottesacker 14
- Josef 47169 Im Stillen Winkel 15
- Margarete
47139 Friedrich-Ebert- 165
- Monika 47167 Oberе-Sterkrade- 168
- Siegfried 47139 Friedrich-Ebert- 165
Kubicki-Acar Ingrid
47169 Am Küllenacker 9
Kubies Fritz 47051 Salvatorweg 14
- Waltraud 47051 Salvatorweg 14
Kubiessa Lisa 47178 Bahnhof- 179
- Max 47178 Bahnhof- 179
- Werner 47059 In der Rheinau 1
Kubig Günter 47053 Prinzen- 42
Kubik Christel 47053 Grunewald- 29
- Erwin 47178 Lehmkuhlplatz 17
- Georg 47178 Oswald- 36
- Martina 47137 Spichern- 36
- Oliver 47169 Roon- 72
- Regina 47166 Schul- 29b
- Rudolf 47166 Schul- 29b
- Ursula 47055 Hultschiner- 26
- Wilhelm 47178 Lehmkuhlplatz 17
Kubilay Ayfer
47137 Gartsträucher- 20a
- Ercan 47166 Harthrut- 7
- Gülay 47166 Harthrut- 7
- Hüseyin 47166 Overbruck- 74
- Ibrahim 47166 Ober- 63
- Levent 47137 Gartsträucher- 20a
- Özlem 47166 Overbruck- 73
- Selim 47166 Overbruck- 73
Kubill Irmgard
47226 Friedrich-Ebert- 124
- Jan 47269 Raps- 28
Kubillus Ellen 47138 Quadt- 6
- Gerhard 47138 Quadt- 6
- Walter 47057 Rheinbaben- 5
Kubin Friedrich 47167 Am Inzerfeld 57
- Grazyna 47055 Wanheimer- 341
- Heinz 47059 Am Stalt 2
- Kristina 47179 Lambarene- 49
- Maria 47249 Sittardsberger Allee 44
- Peter 47249 Lambarene- 49
- Walter 47249 Sittardsberger Allee 44
Kubina Andreas 47166 Lindenallee 27b
- Belinda 47228 Hacken- 8
- Horst 47228 Danziger- 24
- Margrit 47178 Mühlen- 38
Einwohner ● Namen-Teil
A-DU	Firmen, Gewerbebetriebe usw. nach Namen – siehe gelber Teil
